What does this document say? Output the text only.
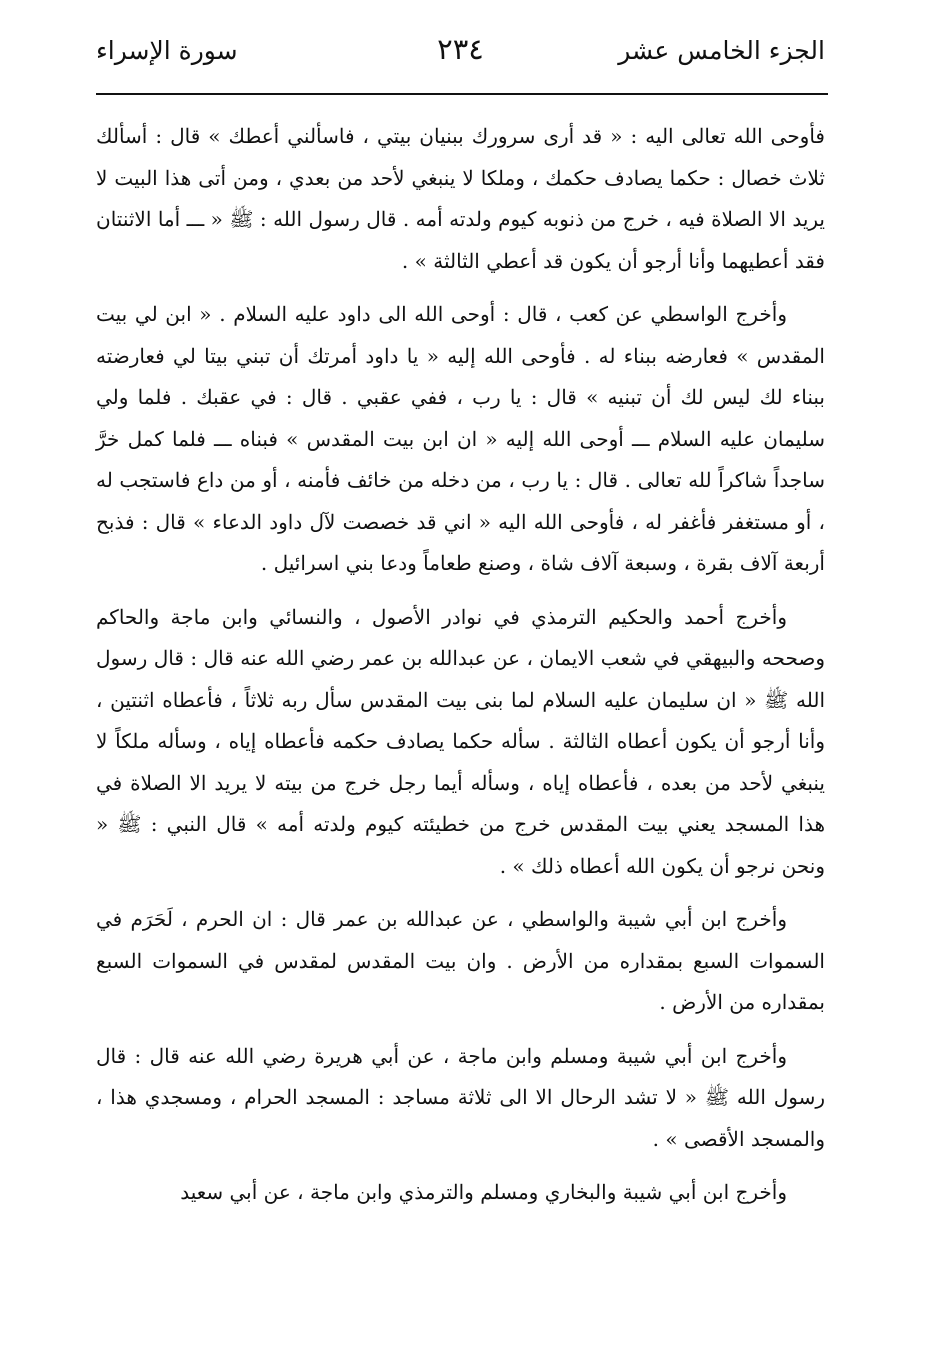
الجزء الخامس عشر
٢٣٤
سورة الإسراء

فأوحى الله تعالى اليه : « قد أرى سرورك ببنيان بيتي ، فاسألني أعطك » قال : أسألك ثلاث خصال : حكما يصادف حكمك ، وملكا لا ينبغي لأحد من بعدي ، ومن أتى هذا البيت لا يريد الا الصلاة فيه ، خرج من ذنوبه كيوم ولدته أمه . قال رسول الله : ﷺ « ـــ أما الاثنتان فقد أعطيهما وأنا أرجو أن يكون قد أعطي الثالثة » .

وأخرج الواسطي عن كعب ، قال : أوحى الله الى داود عليه السلام . « ابن لي بيت المقدس » فعارضه ببناء له . فأوحى الله إليه « يا داود أمرتك أن تبني بيتا لي فعارضته ببناء لك ليس لك أن تبنيه » قال : يا رب ، ففي عقبي . قال : في عقبك . فلما ولي سليمان عليه السلام ـــ أوحى الله إليه « ان ابن بيت المقدس » فبناه ـــ فلما كمل خرَّ ساجداً شاكراً لله تعالى . قال : يا رب ، من دخله من خائف فأمنه ، أو من داع فاستجب له ، أو مستغفر فأغفر له ، فأوحى الله اليه « اني قد خصصت لآل داود الدعاء » قال : فذبح أربعة آلاف بقرة ، وسبعة آلاف شاة ، وصنع طعاماً ودعا بني اسرائيل .

وأخرج أحمد والحكيم الترمذي في نوادر الأصول ، والنسائي وابن ماجة والحاكم وصححه والبيهقي في شعب الايمان ، عن عبدالله بن عمر رضي الله عنه قال : قال رسول الله ﷺ « ان سليمان عليه السلام لما بنى بيت المقدس سأل ربه ثلاثاً ، فأعطاه اثنتين ، وأنا أرجو أن يكون أعطاه الثالثة . سأله حكما يصادف حكمه فأعطاه إياه ، وسأله ملكاً لا ينبغي لأحد من بعده ، فأعطاه إياه ، وسأله أيما رجل خرج من بيته لا يريد الا الصلاة في هذا المسجد يعني بيت المقدس خرج من خطيئته كيوم ولدته أمه » قال النبي : ﷺ « ونحن نرجو أن يكون الله أعطاه ذلك » .

وأخرج ابن أبي شيبة والواسطي ، عن عبدالله بن عمر قال : ان الحرم ، لَحَرَم في السموات السبع بمقداره من الأرض . وان بيت المقدس لمقدس في السموات السبع بمقداره من الأرض .

وأخرج ابن أبي شيبة ومسلم وابن ماجة ، عن أبي هريرة رضي الله عنه قال : قال رسول الله ﷺ « لا تشد الرحال الا الى ثلاثة مساجد : المسجد الحرام ، ومسجدي هذا ، والمسجد الأقصى » .

وأخرج ابن أبي شيبة والبخاري ومسلم والترمذي وابن ماجة ، عن أبي سعيد
